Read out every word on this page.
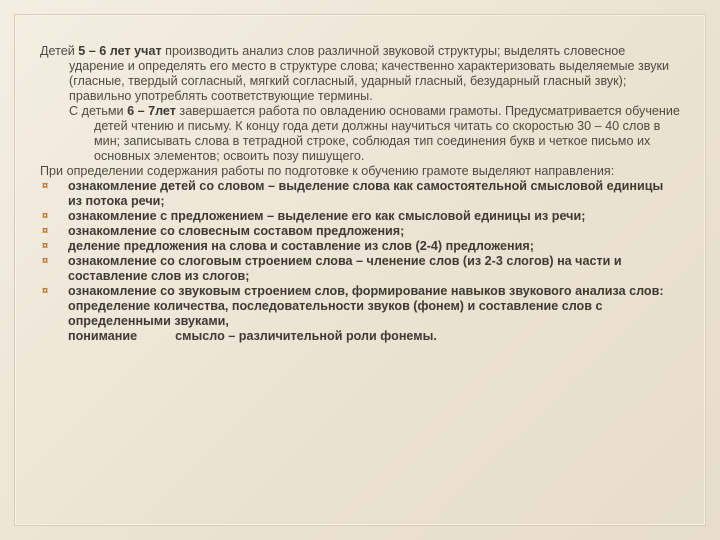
Детей 5 – 6 лет учат производить анализ слов различной звуковой структуры; выделять словесное ударение и определять его место в структуре слова; качественно характеризовать выделяемые звуки (гласные, твердый согласный, мягкий согласный, ударный гласный, безударный гласный звук); правильно употреблять соответствующие термины.

С детьми 6 – 7лет завершается работа по овладению основами грамоты. Предусматривается обучение детей чтению и письму. К концу года дети должны научиться читать со скоростью 30 – 40 слов в мин; записывать слова в тетрадной строке, соблюдая тип соединения букв и четкое письмо их основных элементов; освоить позу пишущего.

При определении содержания работы по подготовке к обучению грамоте выделяют направления:

¤ ознакомление детей со словом – выделение слова как самостоятельной смысловой единицы из потока речи;
¤ ознакомление с предложением – выделение его как смысловой единицы из речи;
¤ ознакомление со словесным составом предложения;
¤ деление предложения на слова и составление из слов (2-4) предложения;
¤ ознакомление со слоговым строением слова – членение слов (из 2-3 слогов) на части и составление слов из слогов;
¤ ознакомление со звуковым строением слов, формирование навыков звукового анализа слов: определение количества, последовательности звуков (фонем) и составление слов с определенными звуками,
понимание	смысло – различительной роли фонемы.
